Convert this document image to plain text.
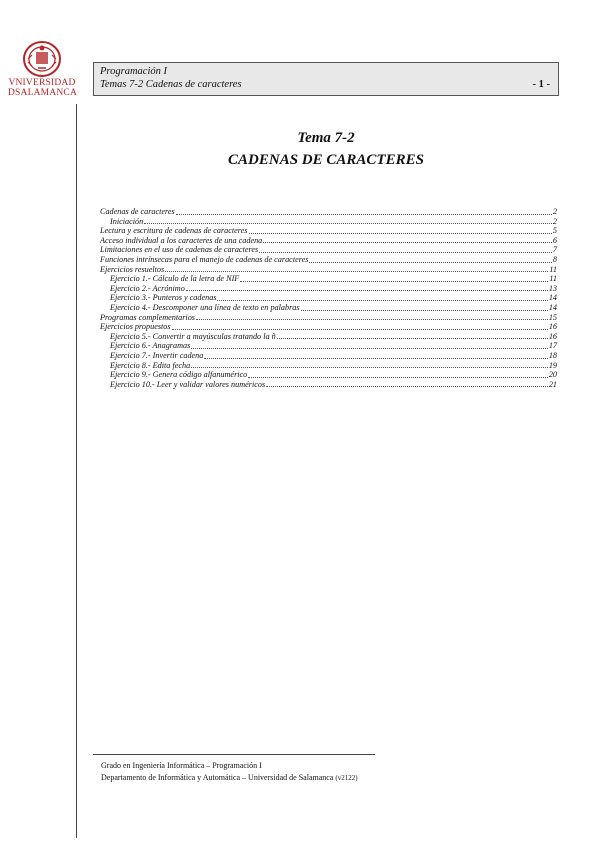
VNIVERSIDAD
DSALAMANCA
Programación I
Temas 7-2 Cadenas de caracteres	- 1 -
Tema 7-2
CADENAS DE CARACTERES
Cadenas de caracteres	2
Iniciación	2
Lectura y escritura de cadenas de caracteres	5
Acceso individual a los caracteres de una cadena	6
Limitaciones en el uso de cadenas de caracteres	7
Funciones intrínsecas para el manejo de cadenas de caracteres	8
Ejercicios resueltos	11
Ejercicio 1.- Cálculo de la letra de NIF	11
Ejercicio 2.- Acrónimo	13
Ejercicio 3.- Punteros y cadenas	14
Ejercicio 4.- Descomponer una línea de texto en palabras	14
Programas complementarios	15
Ejercicios propuestos	16
Ejercicio 5.- Convertir a mayúsculas tratando la ñ	16
Ejercicio 6.- Anagramas	17
Ejercicio 7.- Invertir cadena	18
Ejercicio 8.- Edita fecha	19
Ejercicio 9.- Genera código alfanumérico	20
Ejercicio 10.- Leer y validar valores numéricos	21
Grado en Ingeniería Informática – Programación I
Departamento de Informática y Automática – Universidad de Salamanca (v2122)
